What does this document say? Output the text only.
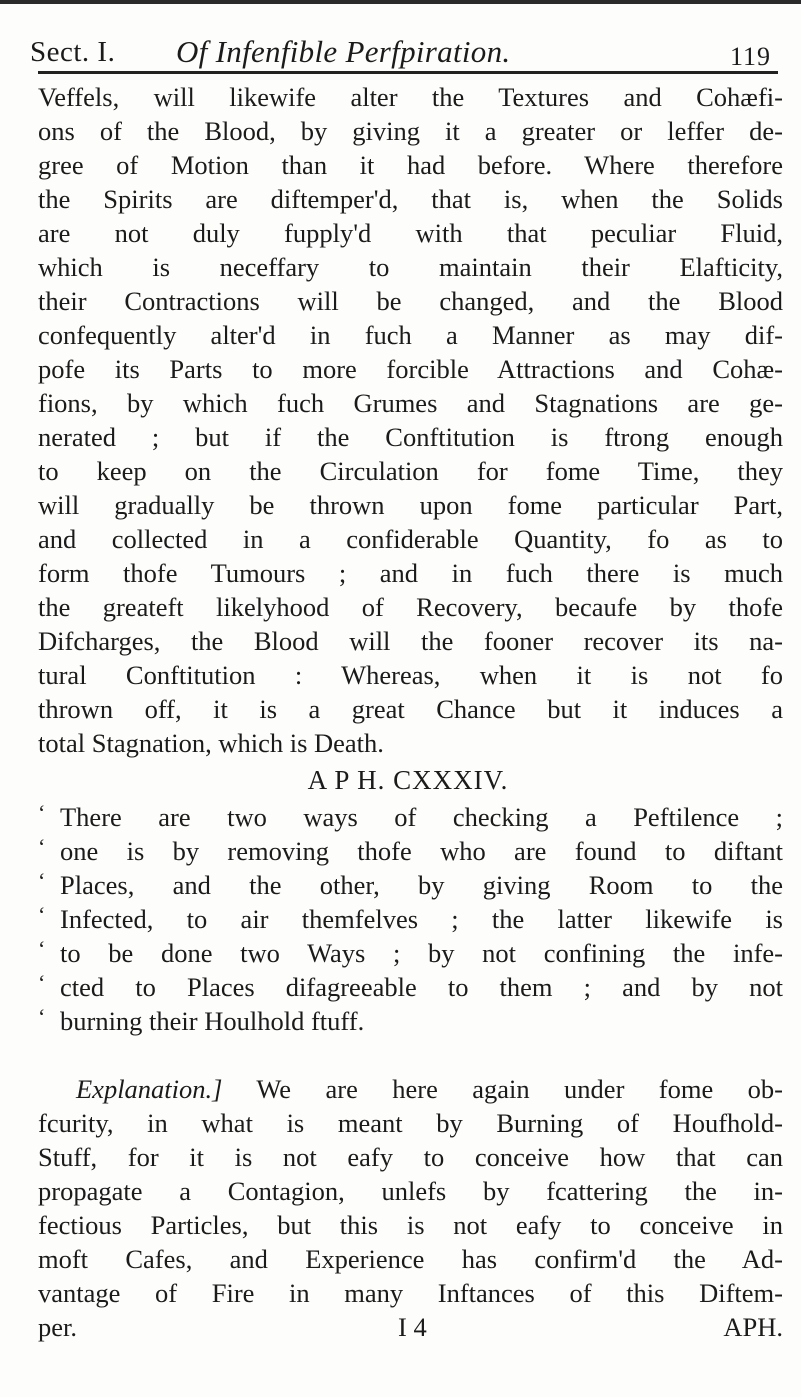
Sect. I. Of Infenfible Perfpiration.	119
Veffels, will likewife alter the Textures and Cohæfi-
ons of the Blood, by giving it a greater or leffer de-
gree of Motion than it had before. Where therefore
the Spirits are diftemper'd, that is, when the Solids
are not duly fupply'd with that peculiar Fluid,
which is neceffary to maintain their Elafticity,
their Contractions will be changed, and the Blood
confequently alter'd in fuch a Manner as may dif-
pofe its Parts to more forcible Attractions and Cohæ-
fions, by which fuch Grumes and Stagnations are ge-
nerated ; but if the Conftitution is ftrong enough
to keep on the Circulation for fome Time, they
will gradually be thrown upon fome particular Part,
and collected in a confiderable Quantity, fo as to
form thofe Tumours ; and in fuch there is much
the greateft likelyhood of Recovery, becaufe by thofe
Difcharges, the Blood will the fooner recover its na-
tural Conftitution : Whereas, when it is not fo
thrown off, it is a great Chance but it induces a
total Stagnation, which is Death.
A P H. CXXXIV.
‘ There are two ways of checking a Peftilence ;
‘ one is by removing thofe who are found to diftant
‘ Places, and the other, by giving Room to the
‘ Infected, to air themfelves ; the latter likewife is
‘ to be done two Ways ; by not confining the infe-
‘ cted to Places difagreeable to them ; and by not
‘ burning their Houlhold ftuff.
Explanation.] We are here again under fome ob-
fcurity, in what is meant by Burning of Houfhold-
Stuff, for it is not eafy to conceive how that can
propagate a Contagion, unlefs by fcattering the in-
fectious Particles, but this is not eafy to conceive in
moft Cafes, and Experience has confirm'd the Ad-
vantage of Fire in many Inftances of this Diftem-
per.	I 4	APH.
